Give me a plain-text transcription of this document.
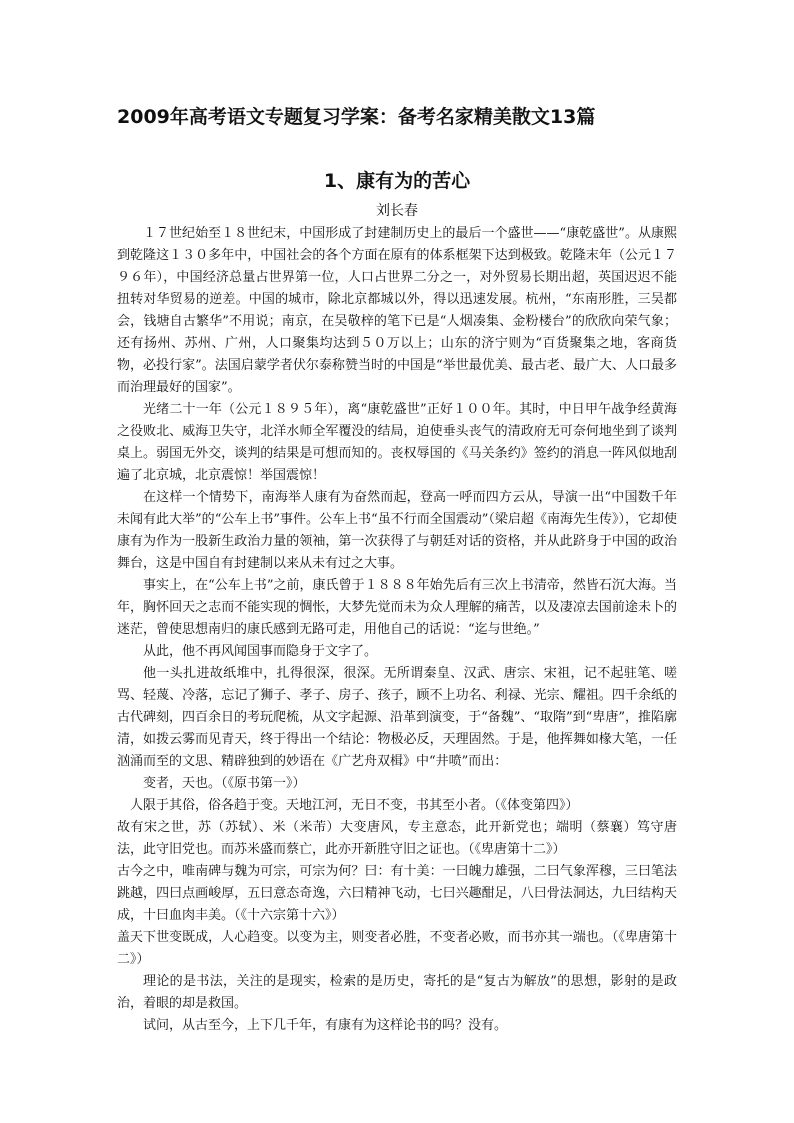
2009年高考语文专题复习学案：备考名家精美散文13篇
1、康有为的苦心
刘长春

１７世纪始至１８世纪末，中国形成了封建制历史上的最后一个盛世——“康乾盛世”。从康熙到乾隆这１３０多年中，中国社会的各个方面在原有的体系框架下达到极致。乾隆末年（公元１７９６年），中国经济总量占世界第一位，人口占世界二分之一，对外贸易长期出超，英国迟迟不能扭转对华贸易的逆差。中国的城市，除北京都城以外，得以迅速发展。杭州，“东南形胜，三吴都会，钱塘自古繁华”不用说；南京，在吴敬梓的笔下已是“人烟凑集、金粉楼台”的欣欣向荣气象；还有扬州、苏州、广州，人口聚集均达到５０万以上；山东的济宁则为“百货聚集之地，客商货物，必投行家”。法国启蒙学者伏尔泰称赞当时的中国是“举世最优美、最古老、最广大、人口最多而治理最好的国家”。

光绪二十一年（公元１８９５年），离“康乾盛世”正好１００年。其时，中日甲午战争经黄海之役败北、威海卫失守，北洋水师全军覆没的结局，迫使垂头丧气的清政府无可奈何地坐到了谈判桌上。弱国无外交，谈判的结果是可想而知的。丧权辱国的《马关条约》签约的消息一阵风似地刮遍了北京城，北京震惊！举国震惊！

在这样一个情势下，南海举人康有为奋然而起，登高一呼而四方云从，导演一出“中国数千年未闻有此大举”的“公车上书”事件。公车上书“虽不行而全国震动”（梁启超《南海先生传》），它却使康有为作为一股新生政治力量的领袖，第一次获得了与朝廷对话的资格，并从此跻身于中国的政治舞台，这是中国自有封建制以来从未有过之大事。

事实上，在“公车上书”之前，康氏曾于１８８８年始先后有三次上书清帝，然皆石沉大海。当年，胸怀回天之志而不能实现的惆怅，大梦先觉而未为众人理解的痛苦，以及凄凉去国前途未卜的迷茫，曾使思想南归的康氏感到无路可走，用他自己的话说：“迄与世绝。”

从此，他不再风闻国事而隐身于文字了。

他一头扎进故纸堆中，扎得很深，很深。无所谓秦皇、汉武、唐宗、宋祖，记不起驻笔、嗟骂、轻蔑、冷落，忘记了狮子、孝子、房子、孩子，顾不上功名、利禄、光宗、耀祖。四千余纸的古代碑刻，四百余日的考玩爬梳，从文字起源、沿革到演变，于“备魏”、“取隋”到“卑唐”，推陷廓清，如拨云雾而见青天，终于得出一个结论：物极必反，天理固然。于是，他挥舞如椽大笔，一任汹涌而至的文思、精辟独到的妙语在《广艺舟双楫》中“井喷”而出：

变者，天也。（《原书第一》）

人限于其俗，俗各趋于变。天地江河，无日不变，书其至小者。（《体变第四》）

故有宋之世，苏（苏轼）、米（米芾）大变唐风，专主意态，此开新党也；端明（蔡襄）笃守唐法，此守旧党也。而苏米盛而蔡亡，此亦开新胜守旧之证也。（《卑唐第十二》）

古今之中，唯南碑与魏为可宗，可宗为何？曰：有十美：一曰魄力雄强，二曰气象浑穆，三曰笔法跳越，四曰点画峻厚，五曰意态奇逸，六曰精神飞动，七曰兴趣酣足，八曰骨法洞达，九曰结构天成，十曰血肉丰美。（《十六宗第十六》）

盖天下世变既成，人心趋变。以变为主，则变者必胜，不变者必败，而书亦其一端也。（《卑唐第十二》）

理论的是书法，关注的是现实，检索的是历史，寄托的是“复古为解放”的思想，影射的是政治，着眼的却是救国。

试问，从古至今，上下几千年，有康有为这样论书的吗？没有。
